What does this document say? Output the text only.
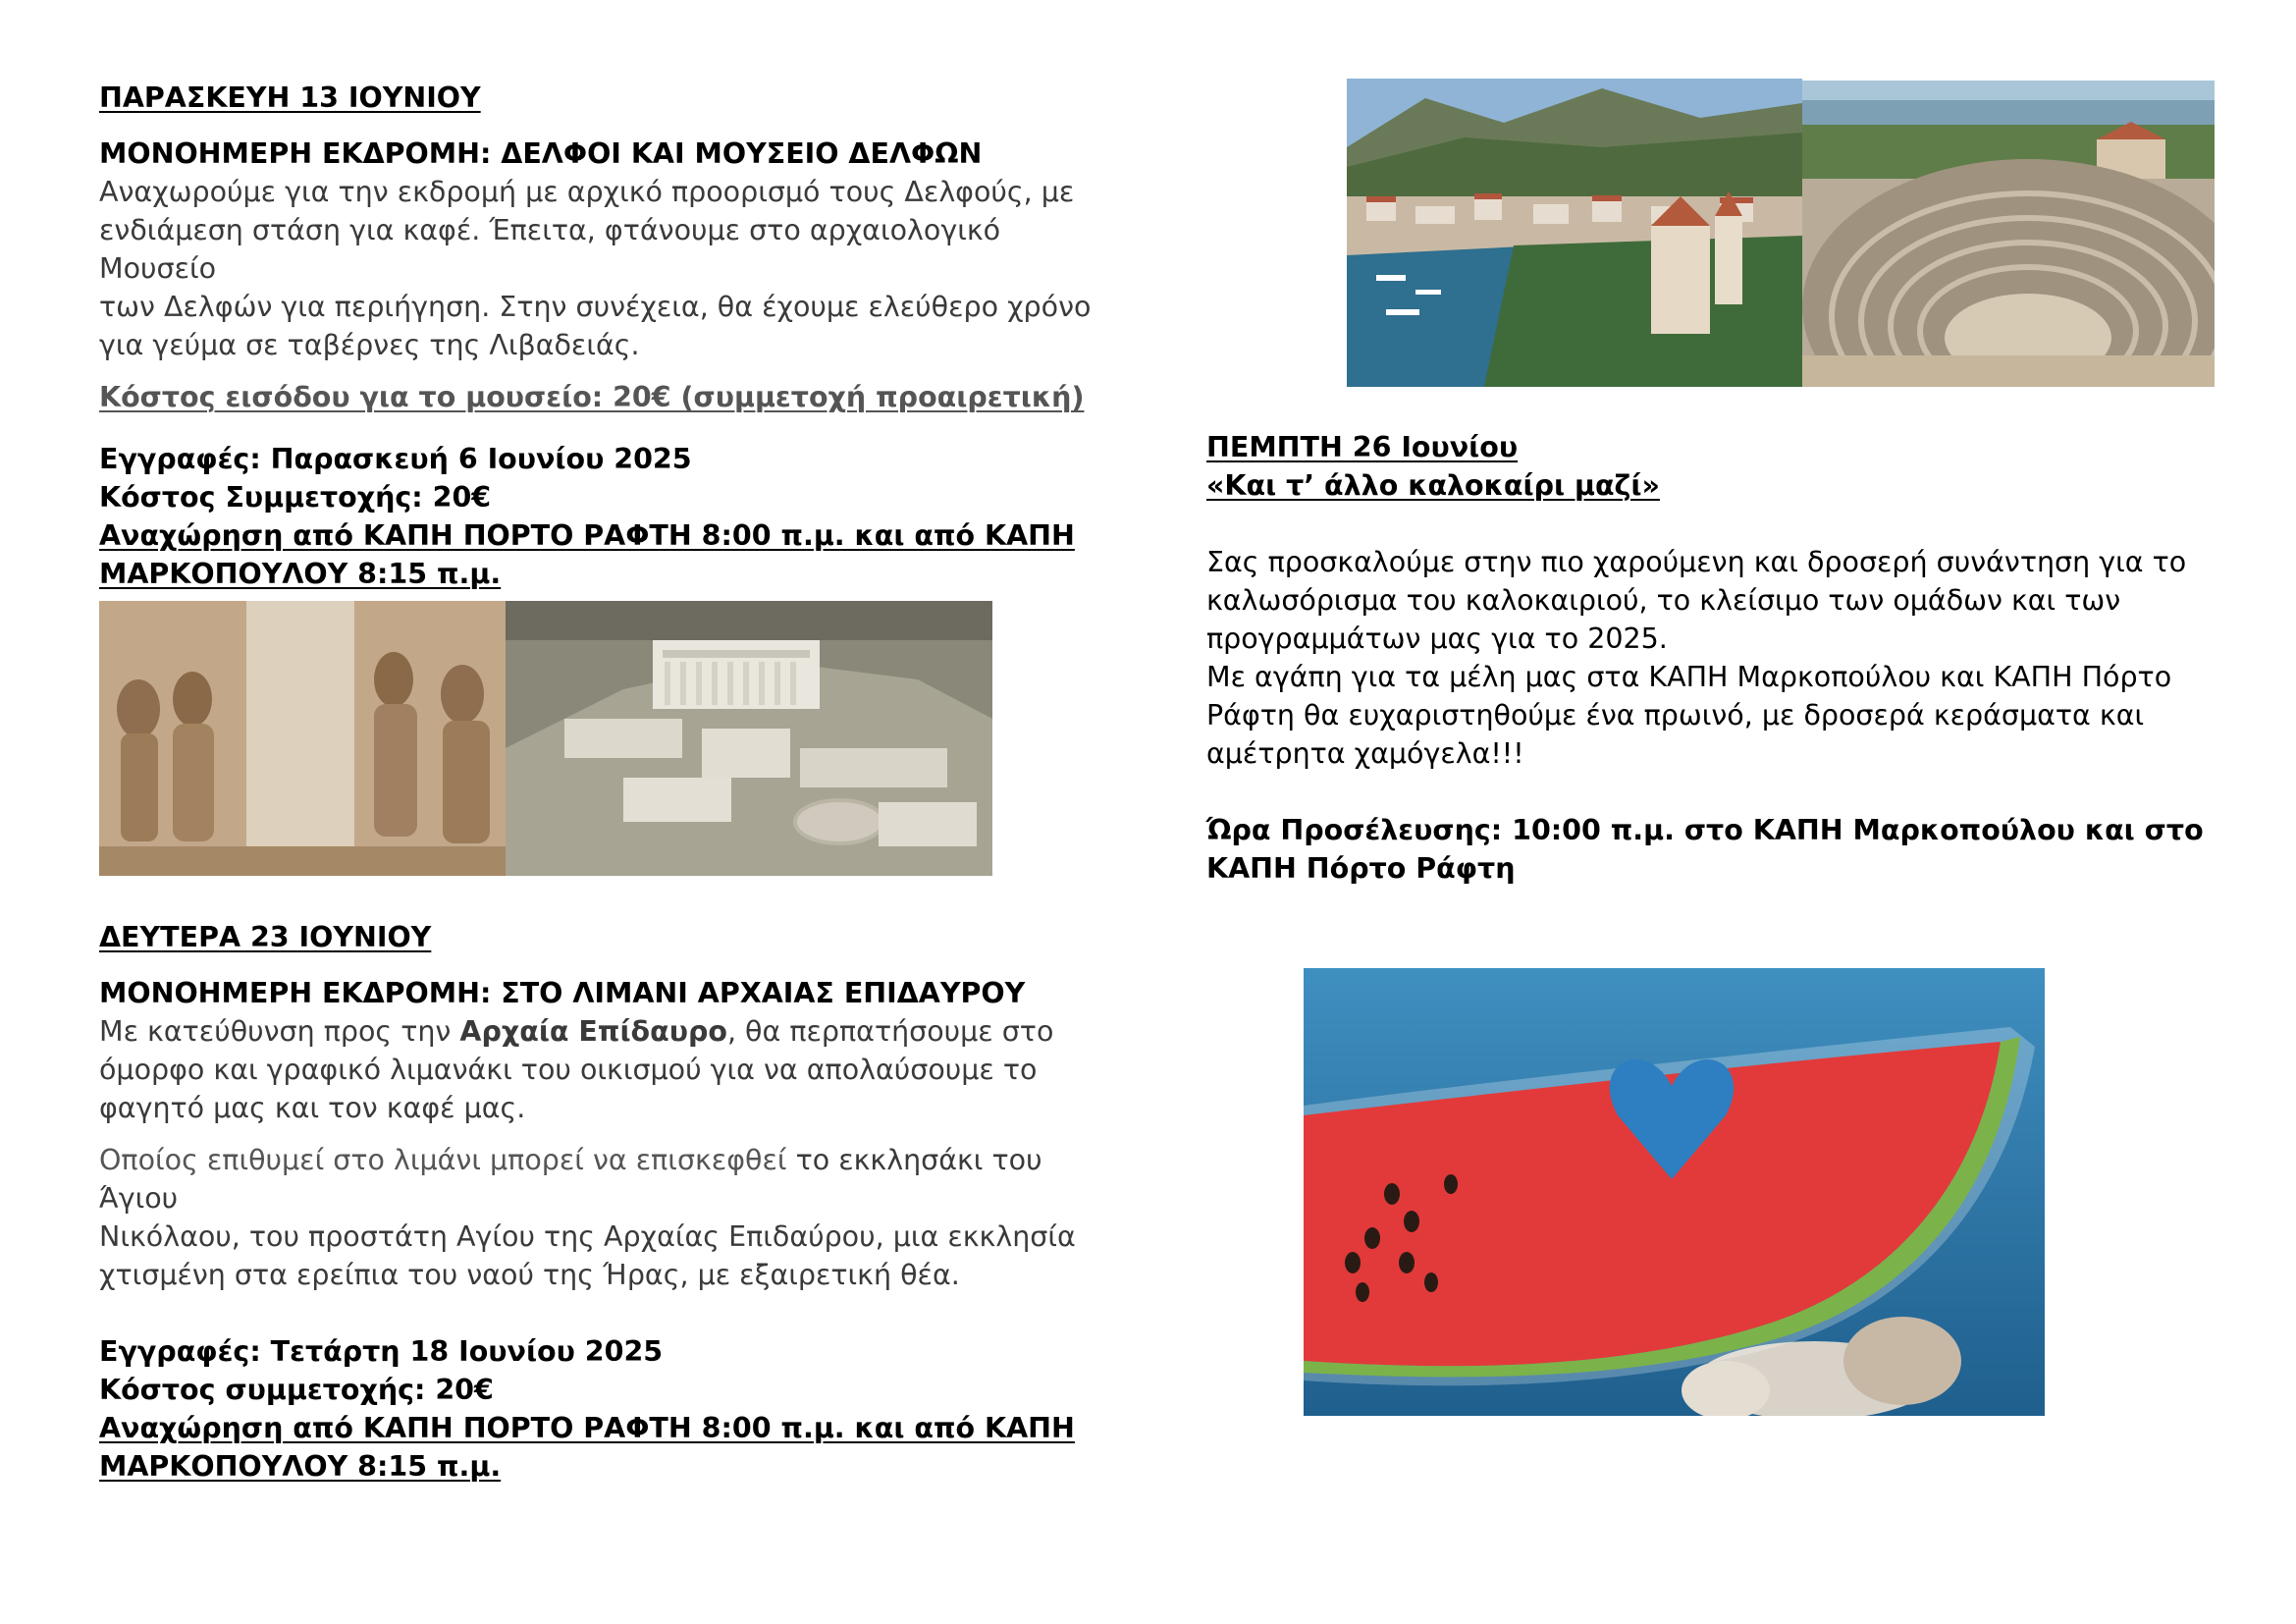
ΠΑΡΑΣΚΕΥΗ 13 ΙΟΥΝΙΟΥ

ΜΟΝΟΗΜΕΡΗ ΕΚΔΡΟΜΗ: ΔΕΛΦΟΙ ΚΑΙ ΜΟΥΣΕΙΟ ΔΕΛΦΩΝ

Αναχωρούμε για την εκδρομή με αρχικό προορισμό τους Δελφούς, με

ενδιάμεση στάση για καφέ. Έπειτα, φτάνουμε στο αρχαιολογικό Μουσείο

των Δελφών για περιήγηση. Στην συνέχεια, θα έχουμε ελεύθερο χρόνο

για γεύμα σε ταβέρνες της Λιβαδειάς.

Κόστος εισόδου για το μουσείο: 20€ (συμμετοχή προαιρετική)

Εγγραφές: Παρασκευή 6 Ιουνίου 2025

Κόστος Συμμετοχής: 20€

Αναχώρηση από ΚΑΠΗ ΠΟΡΤΟ ΡΑΦΤΗ 8:00 π.μ. και από ΚΑΠΗ

ΜΑΡΚΟΠΟΥΛΟΥ 8:15 π.μ.

ΔΕΥΤΕΡΑ 23 ΙΟΥΝΙΟΥ

ΜΟΝΟΗΜΕΡΗ ΕΚΔΡΟΜΗ: ΣΤΟ ΛΙΜΑΝΙ ΑΡΧΑΙΑΣ ΕΠΙΔΑΥΡΟΥ

Με κατεύθυνση προς την Αρχαία Επίδαυρο, θα περπατήσουμε στο

όμορφο και γραφικό λιμανάκι του οικισμού για να απολαύσουμε το

φαγητό μας και τον καφέ μας.

Οποίος επιθυμεί στο λιμάνι μπορεί να επισκεφθεί το εκκλησάκι του Άγιου

Νικόλαου, του προστάτη Αγίου της Αρχαίας Επιδαύρου, μια εκκλησία

χτισμένη στα ερείπια του ναού της Ήρας, με εξαιρετική θέα.

Εγγραφές: Τετάρτη 18 Ιουνίου 2025

Κόστος συμμετοχής: 20€

Αναχώρηση από ΚΑΠΗ ΠΟΡΤΟ ΡΑΦΤΗ 8:00 π.μ. και από ΚΑΠΗ

ΜΑΡΚΟΠΟΥΛΟΥ 8:15 π.μ.

ΠΕΜΠΤΗ 26 Ιουνίου

«Και τ’ άλλο καλοκαίρι μαζί»

Σας προσκαλούμε στην πιο χαρούμενη και δροσερή συνάντηση για το

καλωσόρισμα του καλοκαιριού, το κλείσιμο των ομάδων και των

προγραμμάτων μας για το 2025.

Με αγάπη για τα μέλη μας στα ΚΑΠΗ Μαρκοπούλου και ΚΑΠΗ Πόρτο

Ράφτη θα ευχαριστηθούμε ένα πρωινό, με δροσερά κεράσματα και

αμέτρητα χαμόγελα!!!

Ώρα Προσέλευσης: 10:00 π.μ. στο ΚΑΠΗ Μαρκοπούλου και στο

ΚΑΠΗ Πόρτο Ράφτη
